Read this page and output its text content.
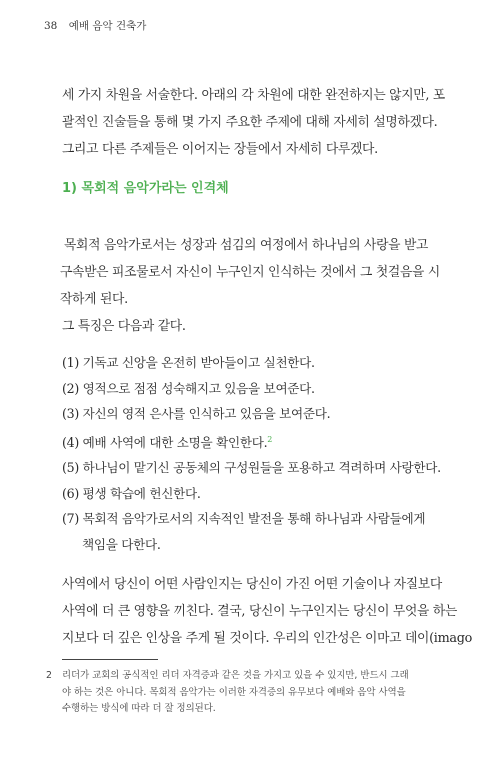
38 예배 음악 건축가
세 가지 차원을 서술한다. 아래의 각 차원에 대한 완전하지는 않지만, 포
괄적인 진술들을 통해 몇 가지 주요한 주제에 대해 자세히 설명하겠다.
그리고 다른 주제들은 이어지는 장들에서 자세히 다루겠다.
1) 목회적 음악가라는 인격체
목회적 음악가로서는 성장과 섬김의 여정에서 하나님의 사랑을 받고
구속받은 피조물로서 자신이 누구인지 인식하는 것에서 그 첫걸음을 시
작하게 된다.
그 특징은 다음과 같다.
(1) 기독교 신앙을 온전히 받아들이고 실천한다.
(2) 영적으로 점점 성숙해지고 있음을 보여준다.
(3) 자신의 영적 은사를 인식하고 있음을 보여준다.
(4) 예배 사역에 대한 소명을 확인한다.$^2$
(5) 하나님이 맡기신 공동체의 구성원들을 포용하고 격려하며 사랑한다.
(6) 평생 학습에 헌신한다.
(7) 목회적 음악가로서의 지속적인 발전을 통해 하나님과 사람들에게
책임을 다한다.
사역에서 당신이 어떤 사람인지는 당신이 가진 어떤 기술이나 자질보다
사역에 더 큰 영향을 끼친다. 결국, 당신이 누구인지는 당신이 무엇을 하는
지보다 더 깊은 인상을 주게 될 것이다. 우리의 인간성은 이마고 데이(imago
2 리더가 교회의 공식적인 리더 자격증과 같은 것을 가지고 있을 수 있지만, 반드시 그래
야 하는 것은 아니다. 목회적 음악가는 이러한 자격증의 유무보다 예배와 음악 사역을
수행하는 방식에 따라 더 잘 정의된다.
